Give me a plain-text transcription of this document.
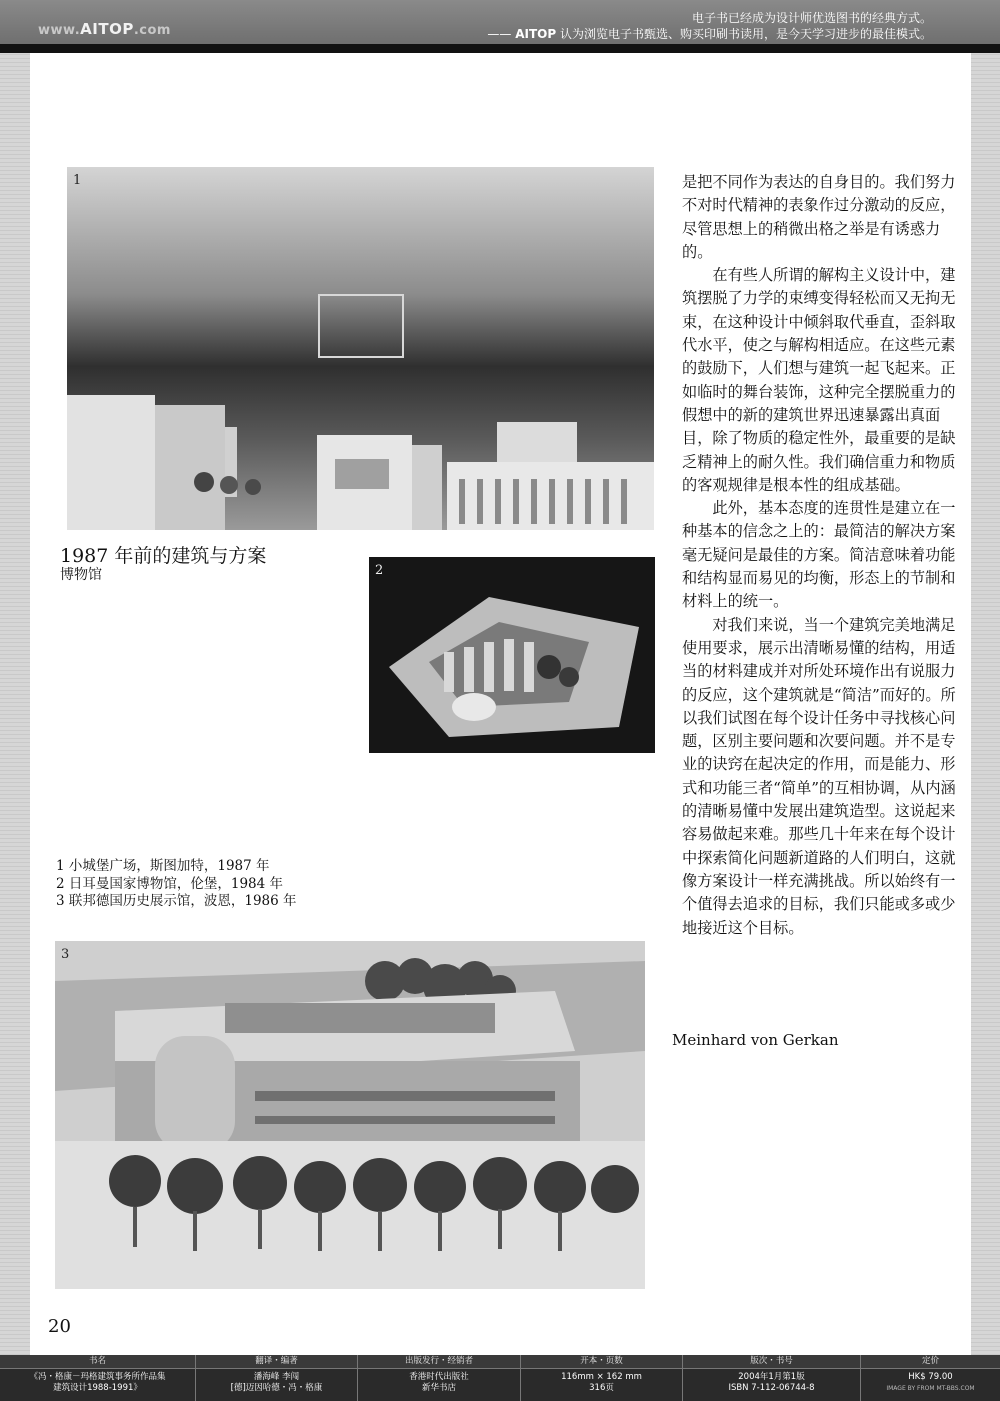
www.AITOP.com
电子书已经成为设计师优选图书的经典方式。
—— AITOP 认为浏览电子书甄选、购买印刷书读用，是今天学习进步的最佳模式。
1
1987 年前的建筑与方案
博物馆	2
1 小城堡广场，斯图加特，1987 年
2 日耳曼国家博物馆，伦堡，1984 年
3 联邦德国历史展示馆，波恩，1986 年
3

是把不同作为表达的自身目的。我们努力不对时代精神的表象作过分激动的反应，尽管思想上的稍微出格之举是有诱惑力的。

在有些人所谓的解构主义设计中，建筑摆脱了力学的束缚变得轻松而又无拘无束，在这种设计中倾斜取代垂直，歪斜取代水平，使之与解构相适应。在这些元素的鼓励下，人们想与建筑一起飞起来。正如临时的舞台装饰，这种完全摆脱重力的假想中的新的建筑世界迅速暴露出真面目，除了物质的稳定性外，最重要的是缺乏精神上的耐久性。我们确信重力和物质的客观规律是根本性的组成基础。

此外，基本态度的连贯性是建立在一种基本的信念之上的：最简洁的解决方案毫无疑问是最佳的方案。简洁意味着功能和结构显而易见的均衡，形态上的节制和材料上的统一。

对我们来说，当一个建筑完美地满足使用要求，展示出清晰易懂的结构，用适当的材料建成并对所处环境作出有说服力的反应，这个建筑就是“简洁”而好的。所以我们试图在每个设计任务中寻找核心问题，区别主要问题和次要问题。并不是专业的诀窍在起决定的作用，而是能力、形式和功能三者“简单”的互相协调，从内涵的清晰易懂中发展出建筑造型。这说起来容易做起来难。那些几十年来在每个设计中探索简化问题新道路的人们明白，这就像方案设计一样充满挑战。所以始终有一个值得去追求的目标，我们只能或多或少地接近这个目标。

Meinhard von Gerkan
20
书名
《冯・格康－玛格建筑事务所作品集
建筑设计1988-1991》
翻译・编著
潘海峰 李闯
[德]迈因哈德・冯・格康
出版发行・经销者
香港时代出版社
新华书店
开本・页数
116mm × 162 mm
316页
版次・书号
2004年1月第1版
ISBN 7-112-06744-8
定价
HK$ 79.00
IMAGE BY FROM MT-BBS.COM
